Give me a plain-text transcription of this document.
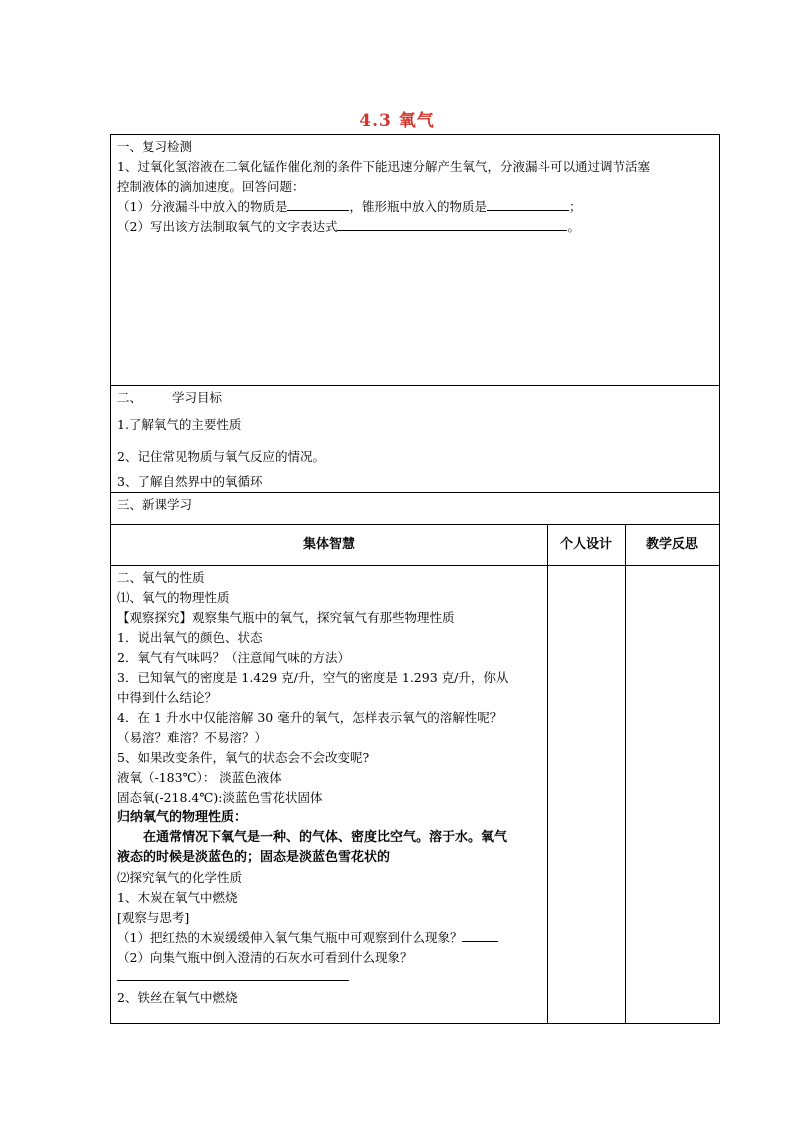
4.3 氧气
一、复习检测
1、过氧化氢溶液在二氧化锰作催化剂的条件下能迅速分解产生氧气，分液漏斗可以通过调节活塞
控制液体的滴加速度。回答问题：
（1）分液漏斗中放入的物质是	，锥形瓶中放入的物质是	；
（2）写出该方法制取氧气的文字表达式	。
二、 学习目标
1.了解氧气的主要性质
2、记住常见物质与氧气反应的情况。
3、了解自然界中的氧循环
三、新课学习
集体智慧	个人设计	教学反思
二、氧气的性质
⑴、氧气的物理性质
【观察探究】观察集气瓶中的氧气，探究氧气有那些物理性质
1．说出氧气的颜色、状态
2．氧气有气味吗？（注意闻气味的方法）
3．已知氧气的密度是 1.429 克/升，空气的密度是 1.293 克/升，你从
中得到什么结论？
4．在 1 升水中仅能溶解 30 毫升的氧气，怎样表示氧气的溶解性呢？
（易溶？难溶？不易溶？）
5、如果改变条件，氧气的状态会不会改变呢?
液氧（-183℃）： 淡蓝色液体
固态氧(-218.4℃):淡蓝色雪花状固体
归纳氧气的物理性质：
在通常情况下氧气是一种、的气体、密度比空气。溶于水。氧气
液态的时候是淡蓝色的；固态是淡蓝色雪花状的
⑵探究氧气的化学性质
1、木炭在氧气中燃烧
[观察与思考]
（1）把红热的木炭缓缓伸入氧气集气瓶中可观察到什么现象？
（2）向集气瓶中倒入澄清的石灰水可看到什么现象？
2、铁丝在氧气中燃烧
